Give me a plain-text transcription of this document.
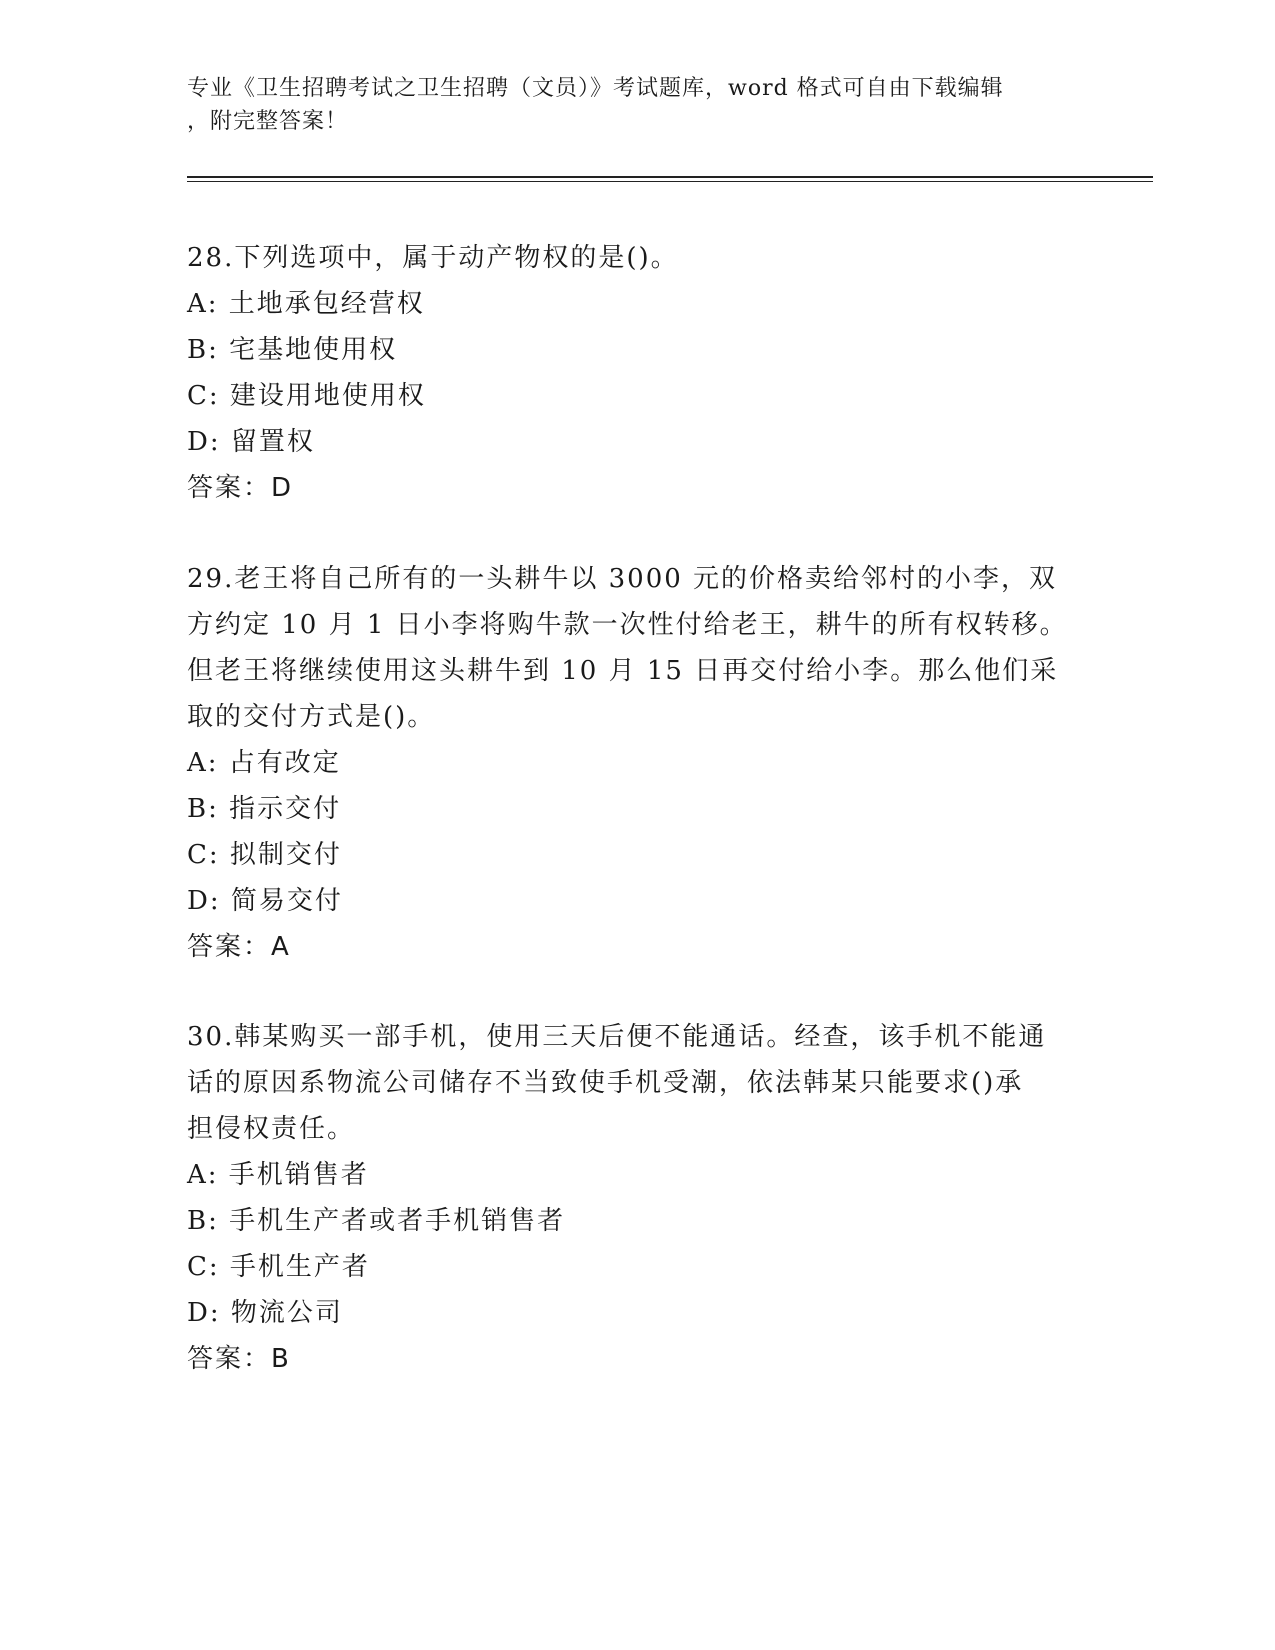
专业《卫生招聘考试之卫生招聘（文员）》考试题库，word 格式可自由下载编辑
，附完整答案！

28.下列选项中，属于动产物权的是()。

A: 土地承包经营权

B: 宅基地使用权

C: 建设用地使用权

D: 留置权

答案：D

29.老王将自己所有的一头耕牛以 3000 元的价格卖给邻村的小李，双

方约定 10 月 1 日小李将购牛款一次性付给老王，耕牛的所有权转移。

但老王将继续使用这头耕牛到 10 月 15 日再交付给小李。那么他们采

取的交付方式是()。

A: 占有改定

B: 指示交付

C: 拟制交付

D: 简易交付

答案：A

30.韩某购买一部手机，使用三天后便不能通话。经查，该手机不能通

话的原因系物流公司储存不当致使手机受潮，依法韩某只能要求()承

担侵权责任。

A: 手机销售者

B: 手机生产者或者手机销售者

C: 手机生产者

D: 物流公司

答案：B
